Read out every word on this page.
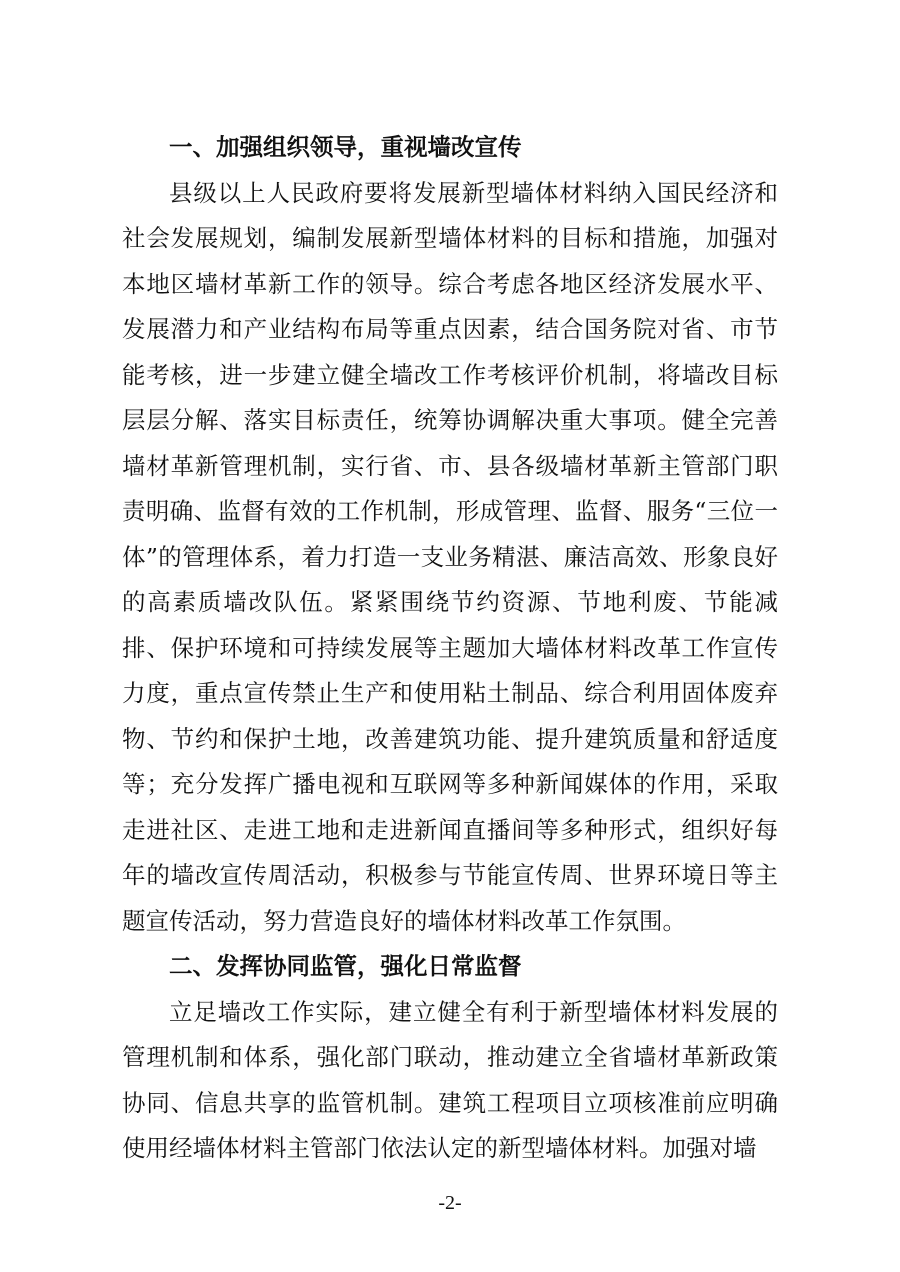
一、加强组织领导，重视墙改宣传

县级以上人民政府要将发展新型墙体材料纳入国民经济和社会发展规划，编制发展新型墙体材料的目标和措施，加强对本地区墙材革新工作的领导。综合考虑各地区经济发展水平、发展潜力和产业结构布局等重点因素，结合国务院对省、市节能考核，进一步建立健全墙改工作考核评价机制，将墙改目标层层分解、落实目标责任，统筹协调解决重大事项。健全完善墙材革新管理机制，实行省、市、县各级墙材革新主管部门职责明确、监督有效的工作机制，形成管理、监督、服务“三位一体”的管理体系，着力打造一支业务精湛、廉洁高效、形象良好的高素质墙改队伍。紧紧围绕节约资源、节地利废、节能减排、保护环境和可持续发展等主题加大墙体材料改革工作宣传力度，重点宣传禁止生产和使用粘土制品、综合利用固体废弃物、节约和保护土地，改善建筑功能、提升建筑质量和舒适度等；充分发挥广播电视和互联网等多种新闻媒体的作用，采取走进社区、走进工地和走进新闻直播间等多种形式，组织好每年的墙改宣传周活动，积极参与节能宣传周、世界环境日等主题宣传活动，努力营造良好的墙体材料改革工作氛围。

二、发挥协同监管，强化日常监督

立足墙改工作实际，建立健全有利于新型墙体材料发展的管理机制和体系，强化部门联动，推动建立全省墙材革新政策协同、信息共享的监管机制。建筑工程项目立项核准前应明确使用经墙体材料主管部门依法认定的新型墙体材料。加强对墙

-2-
